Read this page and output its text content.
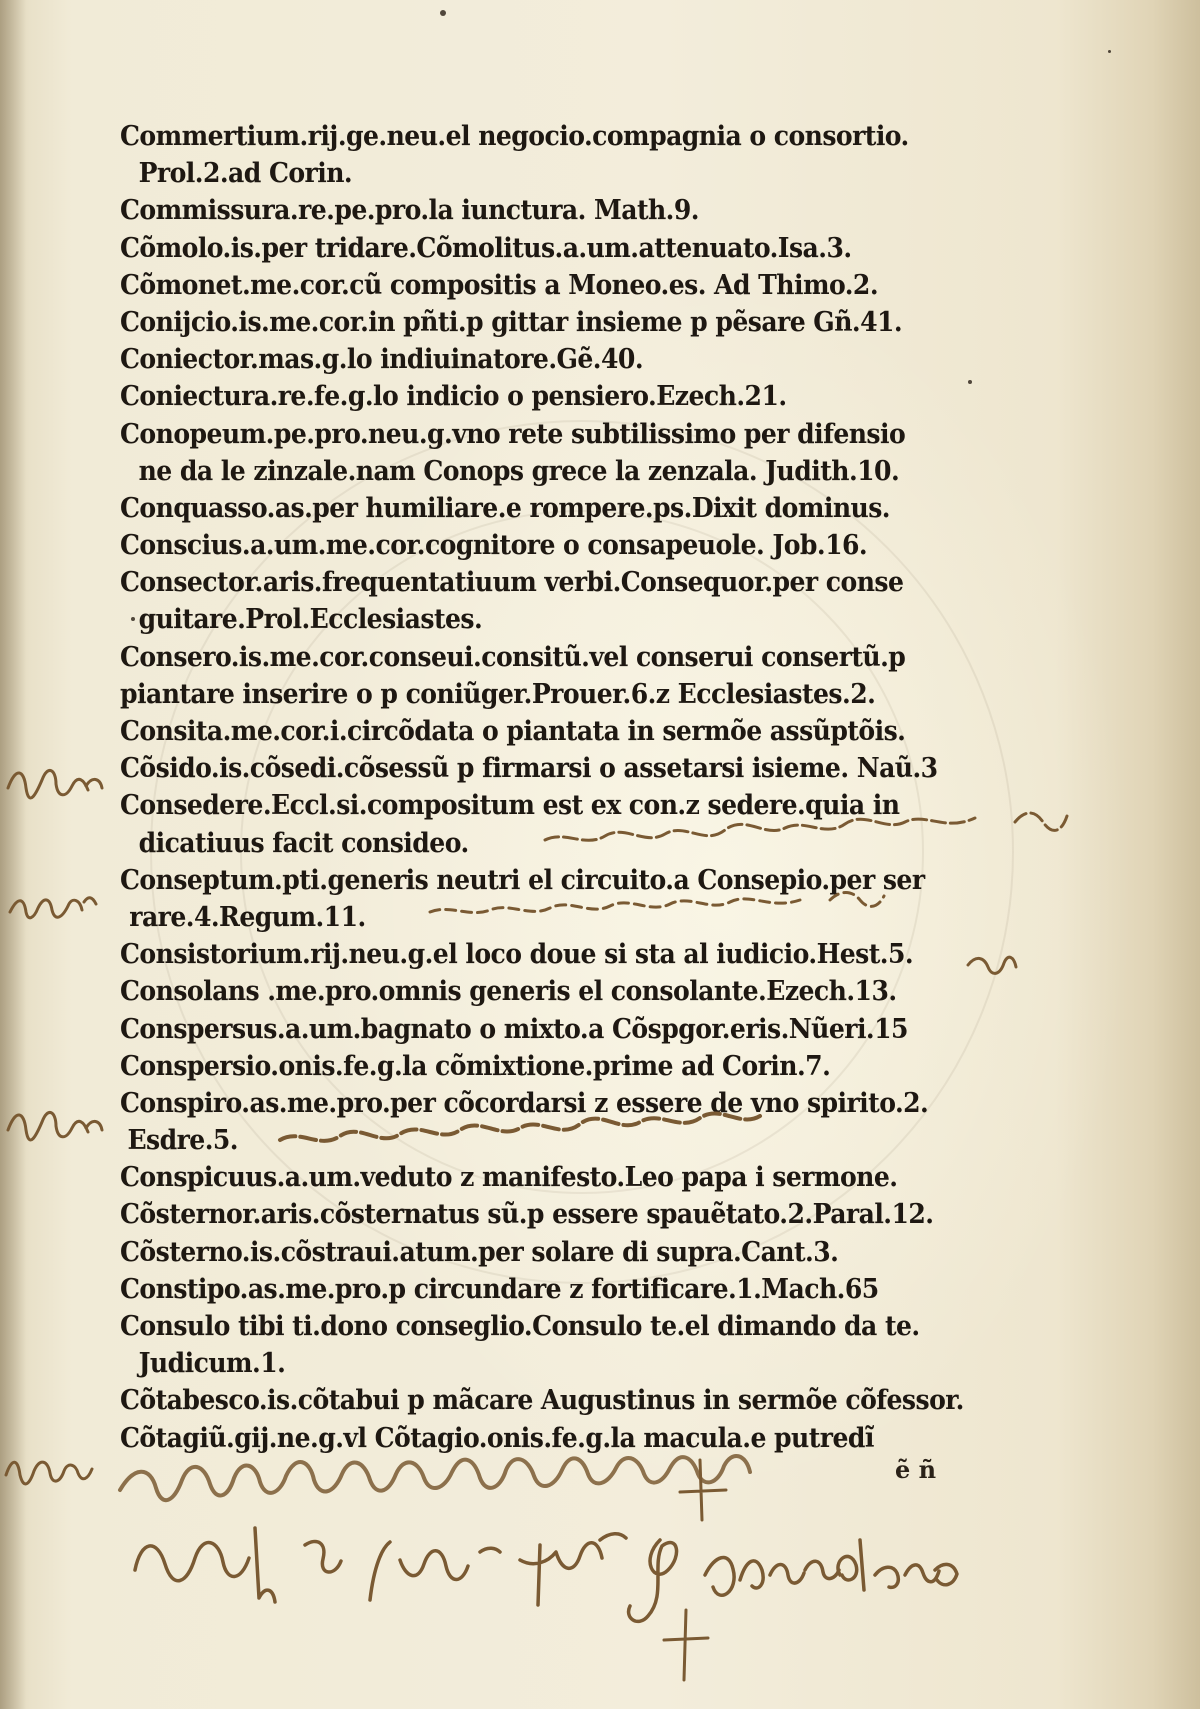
Commertium.rij.ge.neu.el negocio.compagnia o consortio.
Prol.2.ad Corin.
Commissura.re.pe.pro.la iunctura. Math.9.
Cõmolo.is.per tridare.Cõmolitus.a.um.attenuato.Isa.3.
Cõmonet.me.cor.cũ compositis a Moneo.es. Ad Thimo.2.
Conijcio.is.me.cor.in pñti.p gittar insieme p pẽsare Gñ.41.
Coniector.mas.g.lo indiuinatore.Gẽ.40.
Coniectura.re.fe.g.lo indicio o pensiero.Ezech.21.
Conopeum.pe.pro.neu.g.vno rete subtilissimo per difensio
ne da le zinzale.nam Conops grece la zenzala. Judith.10.
Conquasso.as.per humiliare.e rompere.ps.Dixit dominus.
Conscius.a.um.me.cor.cognitore o consapeuole. Job.16.
Consector.aris.frequentatiuum verbi.Consequor.per conse
guitare.Prol.Ecclesiastes.
Consero.is.me.cor.conseui.consitũ.vel conserui consertũ.p
piantare inserire o p coniũger.Prouer.6.z Ecclesiastes.2.
Consita.me.cor.i.circõdata o piantata in sermõe assũptõis.
Cõsido.is.cõsedi.cõsessũ p firmarsi o assetarsi isieme. Naũ.3
Consedere.Eccl.si.compositum est ex con.z sedere.quia in
dicatiuus facit consideo.
Conseptum.pti.generis neutri el circuito.a Consepio.per ser
rare.4.Regum.11.
Consistorium.rij.neu.g.el loco doue si sta al iudicio.Hest.5.
Consolans .me.pro.omnis generis el consolante.Ezech.13.
Conspersus.a.um.bagnato o mixto.a Cõspgor.eris.Nũeri.15
Conspersio.onis.fe.g.la cõmixtione.prime ad Corin.7.
Conspiro.as.me.pro.per cõcordarsi z essere de vno spirito.2.
Esdre.5.
Conspicuus.a.um.veduto z manifesto.Leo papa i sermone.
Cõsternor.aris.cõsternatus sũ.p essere spauẽtato.2.Paral.12.
Cõsterno.is.cõstraui.atum.per solare di supra.Cant.3.
Constipo.as.me.pro.p circundare z fortificare.1.Mach.65
Consulo tibi ti.dono conseglio.Consulo te.el dimando da te.
Judicum.1.
Cõtabesco.is.cõtabui p mãcare Augustinus in sermõe cõfessor.
Cõtagiũ.gij.ne.g.vl Cõtagio.onis.fe.g.la macula.e putredĩ
ẽ ñ
